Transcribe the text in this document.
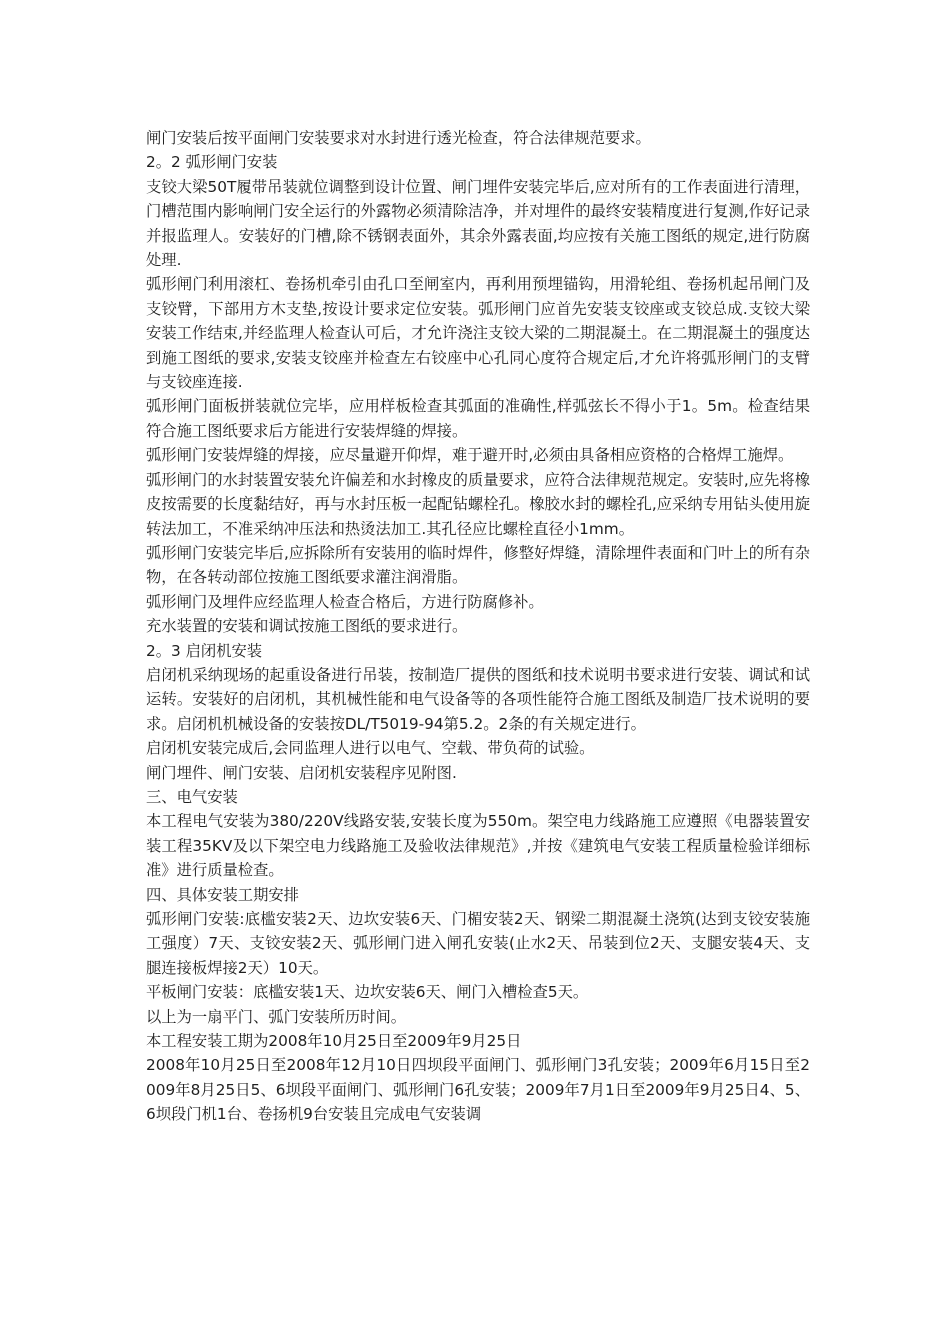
闸门安装后按平面闸门安装要求对水封进行透光检查，符合法律规范要求。

2。2 弧形闸门安装

支铰大梁50T履带吊装就位调整到设计位置、闸门埋件安装完毕后,应对所有的工作表面进行清理，门槽范围内影响闸门安全运行的外露物必须清除洁净，并对埋件的最终安装精度进行复测,作好记录并报监理人。安装好的门槽,除不锈钢表面外，其余外露表面,均应按有关施工图纸的规定,进行防腐处理.

弧形闸门利用滚杠、卷扬机牵引由孔口至闸室内，再利用预埋锚钩，用滑轮组、卷扬机起吊闸门及支铰臂，下部用方木支垫,按设计要求定位安装。弧形闸门应首先安装支铰座或支铰总成.支铰大梁安装工作结束,并经监理人检查认可后，才允许浇注支铰大梁的二期混凝土。在二期混凝土的强度达到施工图纸的要求,安装支铰座并检查左右铰座中心孔同心度符合规定后,才允许将弧形闸门的支臂与支铰座连接.

弧形闸门面板拼装就位完毕，应用样板检查其弧面的准确性,样弧弦长不得小于1。5m。检查结果符合施工图纸要求后方能进行安装焊缝的焊接。

弧形闸门安装焊缝的焊接，应尽量避开仰焊，难于避开时,必须由具备相应资格的合格焊工施焊。

弧形闸门的水封装置安装允许偏差和水封橡皮的质量要求，应符合法律规范规定。安装时,应先将橡皮按需要的长度黏结好，再与水封压板一起配钻螺栓孔。橡胶水封的螺栓孔,应采纳专用钻头使用旋转法加工，不准采纳冲压法和热烫法加工.其孔径应比螺栓直径小1mm。

弧形闸门安装完毕后,应拆除所有安装用的临时焊件，修整好焊缝，清除埋件表面和门叶上的所有杂物，在各转动部位按施工图纸要求灌注润滑脂。

弧形闸门及埋件应经监理人检查合格后，方进行防腐修补。

充水装置的安装和调试按施工图纸的要求进行。

2。3 启闭机安装

启闭机采纳现场的起重设备进行吊装，按制造厂提供的图纸和技术说明书要求进行安装、调试和试运转。安装好的启闭机，其机械性能和电气设备等的各项性能符合施工图纸及制造厂技术说明的要求。启闭机机械设备的安装按DL/T5019-94第5.2。2条的有关规定进行。

启闭机安装完成后,会同监理人进行以电气、空载、带负荷的试验。

闸门埋件、闸门安装、启闭机安装程序见附图.

三、电气安装

本工程电气安装为380/220V线路安装,安装长度为550m。架空电力线路施工应遵照《电器装置安装工程35KV及以下架空电力线路施工及验收法律规范》,并按《建筑电气安装工程质量检验详细标准》进行质量检查。

四、具体安装工期安排

弧形闸门安装:底槛安装2天、边坎安装6天、门楣安装2天、钢梁二期混凝土浇筑(达到支铰安装施工强度）7天、支铰安装2天、弧形闸门进入闸孔安装(止水2天、吊装到位2天、支腿安装4天、支腿连接板焊接2天）10天。

平板闸门安装：底槛安装1天、边坎安装6天、闸门入槽检查5天。

以上为一扇平门、弧门安装所历时间。

本工程安装工期为2008年10月25日至2009年9月25日

2008年10月25日至2008年12月10日四坝段平面闸门、弧形闸门3孔安装；2009年6月15日至2009年8月25日5、6坝段平面闸门、弧形闸门6孔安装；2009年7月1日至2009年9月25日4、5、6坝段门机1台、卷扬机9台安装且完成电气安装调
